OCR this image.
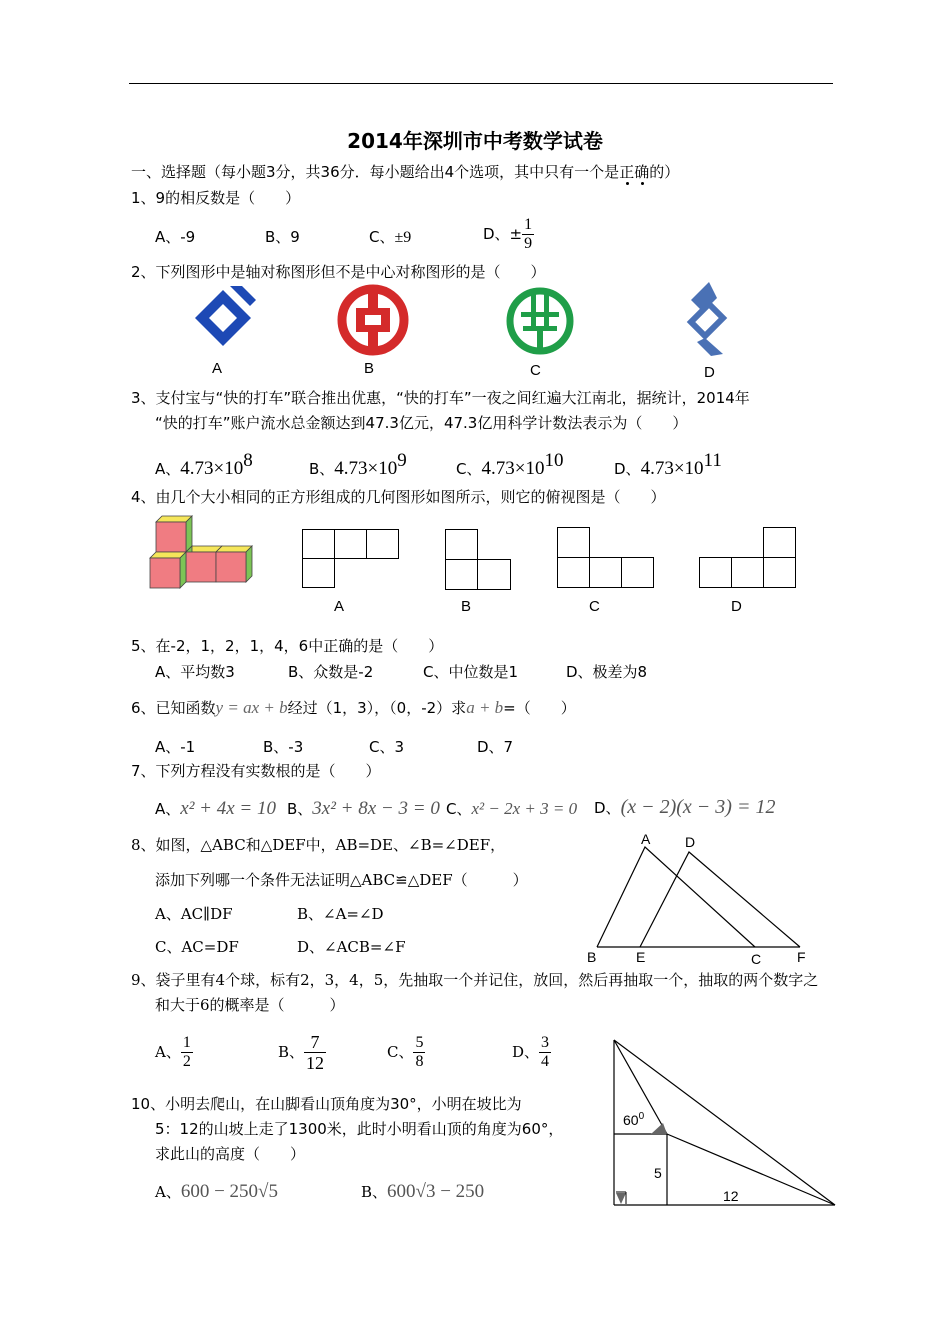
2014年深圳市中考数学试卷
一、选择题（每小题3分，共36分．每小题给出4个选项，其中只有一个是正确的）
1、9的相反数是（　　）
A、-9	B、9	C、±9	D、± $\frac{1}{9}$
2、下列图形中是轴对称图形但不是中心对称图形的是（　　）
A	B	C	D
3、支付宝与“快的打车”联合推出优惠，“快的打车”一夜之间红遍大江南北，据统计，2014年
“快的打车”账户流水总金额达到47.3亿元，47.3亿用科学计数法表示为（　　）
A、$4.73\times 10^8$	B、$4.73\times 10^9$	C、$4.73\times 10^{10}$	D、$4.73\times 10^{11}$
4、由几个大小相同的正方形组成的几何图形如图所示，则它的俯视图是（　　）
A	B	C	D
5、在-2，1，2，1，4，6中正确的是（　　）
A、平均数3	B、众数是-2	C、中位数是1	D、极差为8
6、已知函数y = ax + b经过（1，3），（0，-2）求a + b=（　　）
A、-1	B、-3	C、3	D、7
7、下列方程没有实数根的是（　　）
A、x² + 4x = 10 B、3x² + 8x − 3 = 0 C、x² − 2x + 3 = 0 D、(x − 2)(x − 3) = 12
8、如图，△ABC和△DEF中，AB=DE、∠B=∠DEF，
添加下列哪一个条件无法证明△ABC≌△DEF（　　　）
A、AC∥DF	B、∠A=∠D
C、AC=DF	D、∠ACB=∠F
A D
B	E	C	F
9、袋子里有4个球，标有2，3，4，5，先抽取一个并记住，放回，然后再抽取一个，抽取的两个数字之
和大于6的概率是（　　　）
A、 $\frac{1}{2}$	B、 $\frac{7}{12}$	C、 $\frac{5}{8}$	D、 $\frac{3}{4}$
10、小明去爬山，在山脚看山顶角度为30°，小明在坡比为
5：12的山坡上走了1300米，此时小明看山顶的角度为60°，
求此山的高度（　　）
A、600 − 250√5	B、600√3 − 250
$60^0$
5
12
